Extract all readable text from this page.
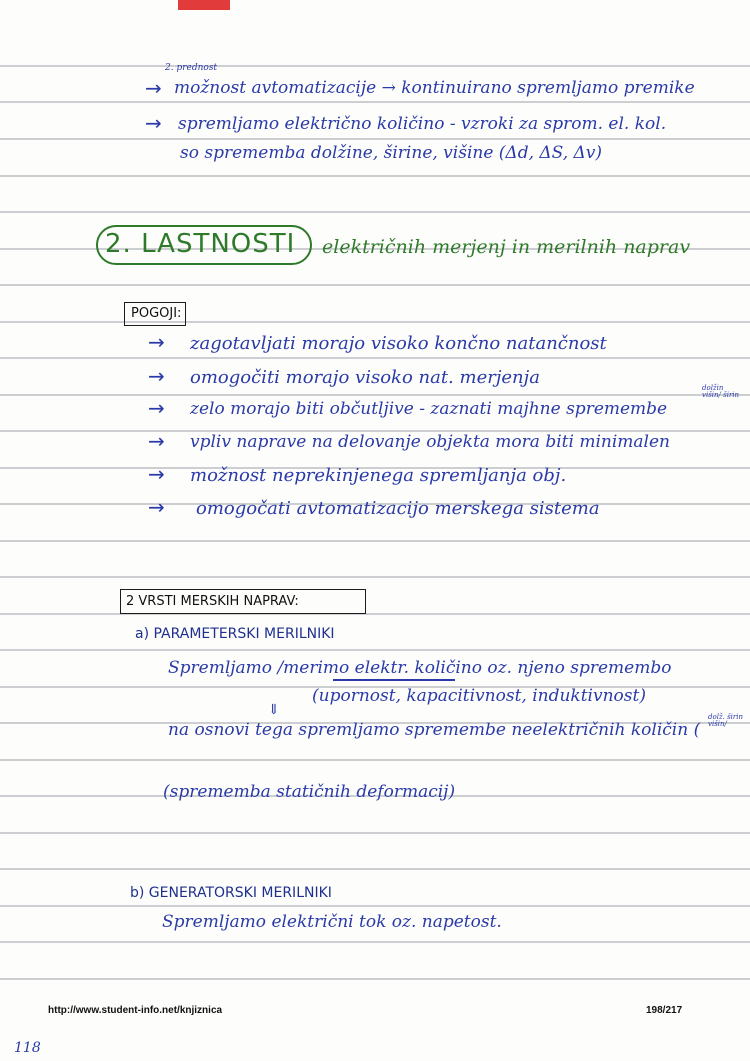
2. prednost
→ možnost avtomatizacije → kontinuirano spremljamo premike
→ spremljamo električno količino - vzroki za sprom. el. kol.
so sprememba dolžine, širine, višine (Δd, ΔS, Δv)
2. LASTNOSTI električnih merjenj in merilnih naprav
POGOJI:
→ zagotavljati morajo visoko končno natančnost
→ omogočiti morajo visoko nat. merjenja
→ zelo morajo biti občutljive - zaznati majhne spremembe
dolžin višin/ širin
→ vpliv naprave na delovanje objekta mora biti minimalen
→ možnost neprekinjenega spremljanja obj.
→ omogočati avtomatizacijo merskega sistema
2 VRSTI MERSKIH NAPRAV:
a) PARAMETERSKI MERILNIKI
Spremljamo /merimo elektr. količino oz. njeno spremembo
(upornost, kapacitivnost, induktivnost)
⇓
na osnovi tega spremljamo spremembe neelektričnih količin (
dolž. širin višin/
(sprememba statičnih deformacij)
b) GENERATORSKI MERILNIKI
Spremljamo električni tok oz. napetost.
http://www.student-info.net/knjiznica	198/217
118
